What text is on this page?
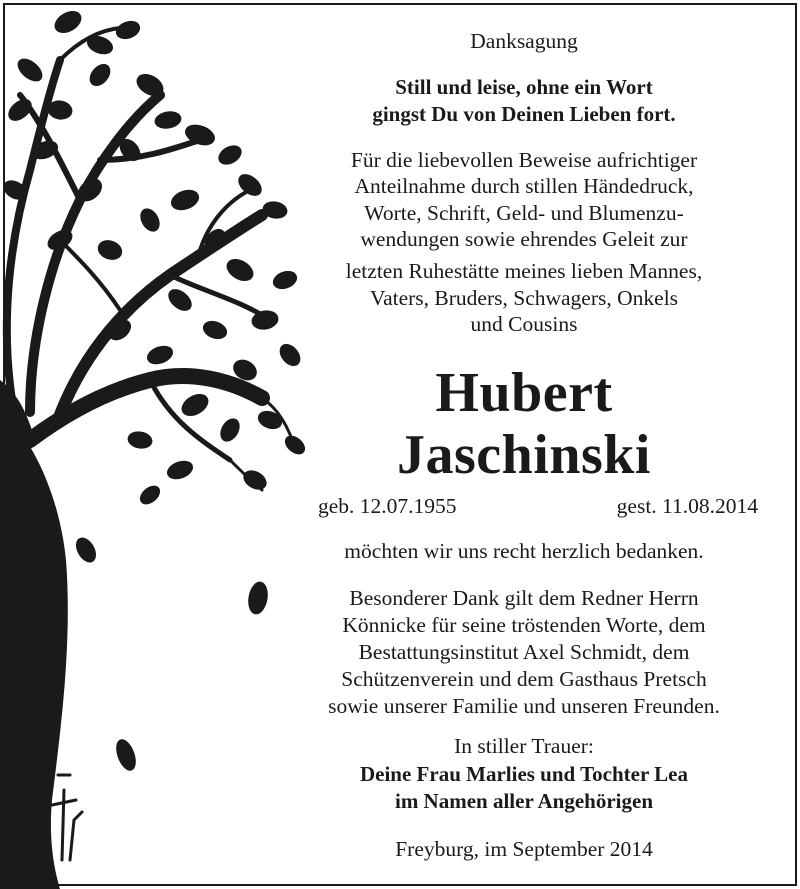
Danksagung
Still und leise, ohne ein Wort
gingst Du von Deinen Lieben fort.
Für die liebevollen Beweise aufrichtiger
Anteilnahme durch stillen Händedruck,
Worte, Schrift, Geld- und Blumenzu-
wendungen sowie ehrendes Geleit zur
letzten Ruhestätte meines lieben Mannes,
Vaters, Bruders, Schwagers, Onkels
und Cousins
Hubert
Jaschinski
geb. 12.07.1955	gest. 11.08.2014
möchten wir uns recht herzlich bedanken.
Besonderer Dank gilt dem Redner Herrn
Könnicke für seine tröstenden Worte, dem
Bestattungsinstitut Axel Schmidt, dem
Schützenverein und dem Gasthaus Pretsch
sowie unserer Familie und unseren Freunden.
In stiller Trauer:
Deine Frau Marlies und Tochter Lea
im Namen aller Angehörigen
Freyburg, im September 2014
